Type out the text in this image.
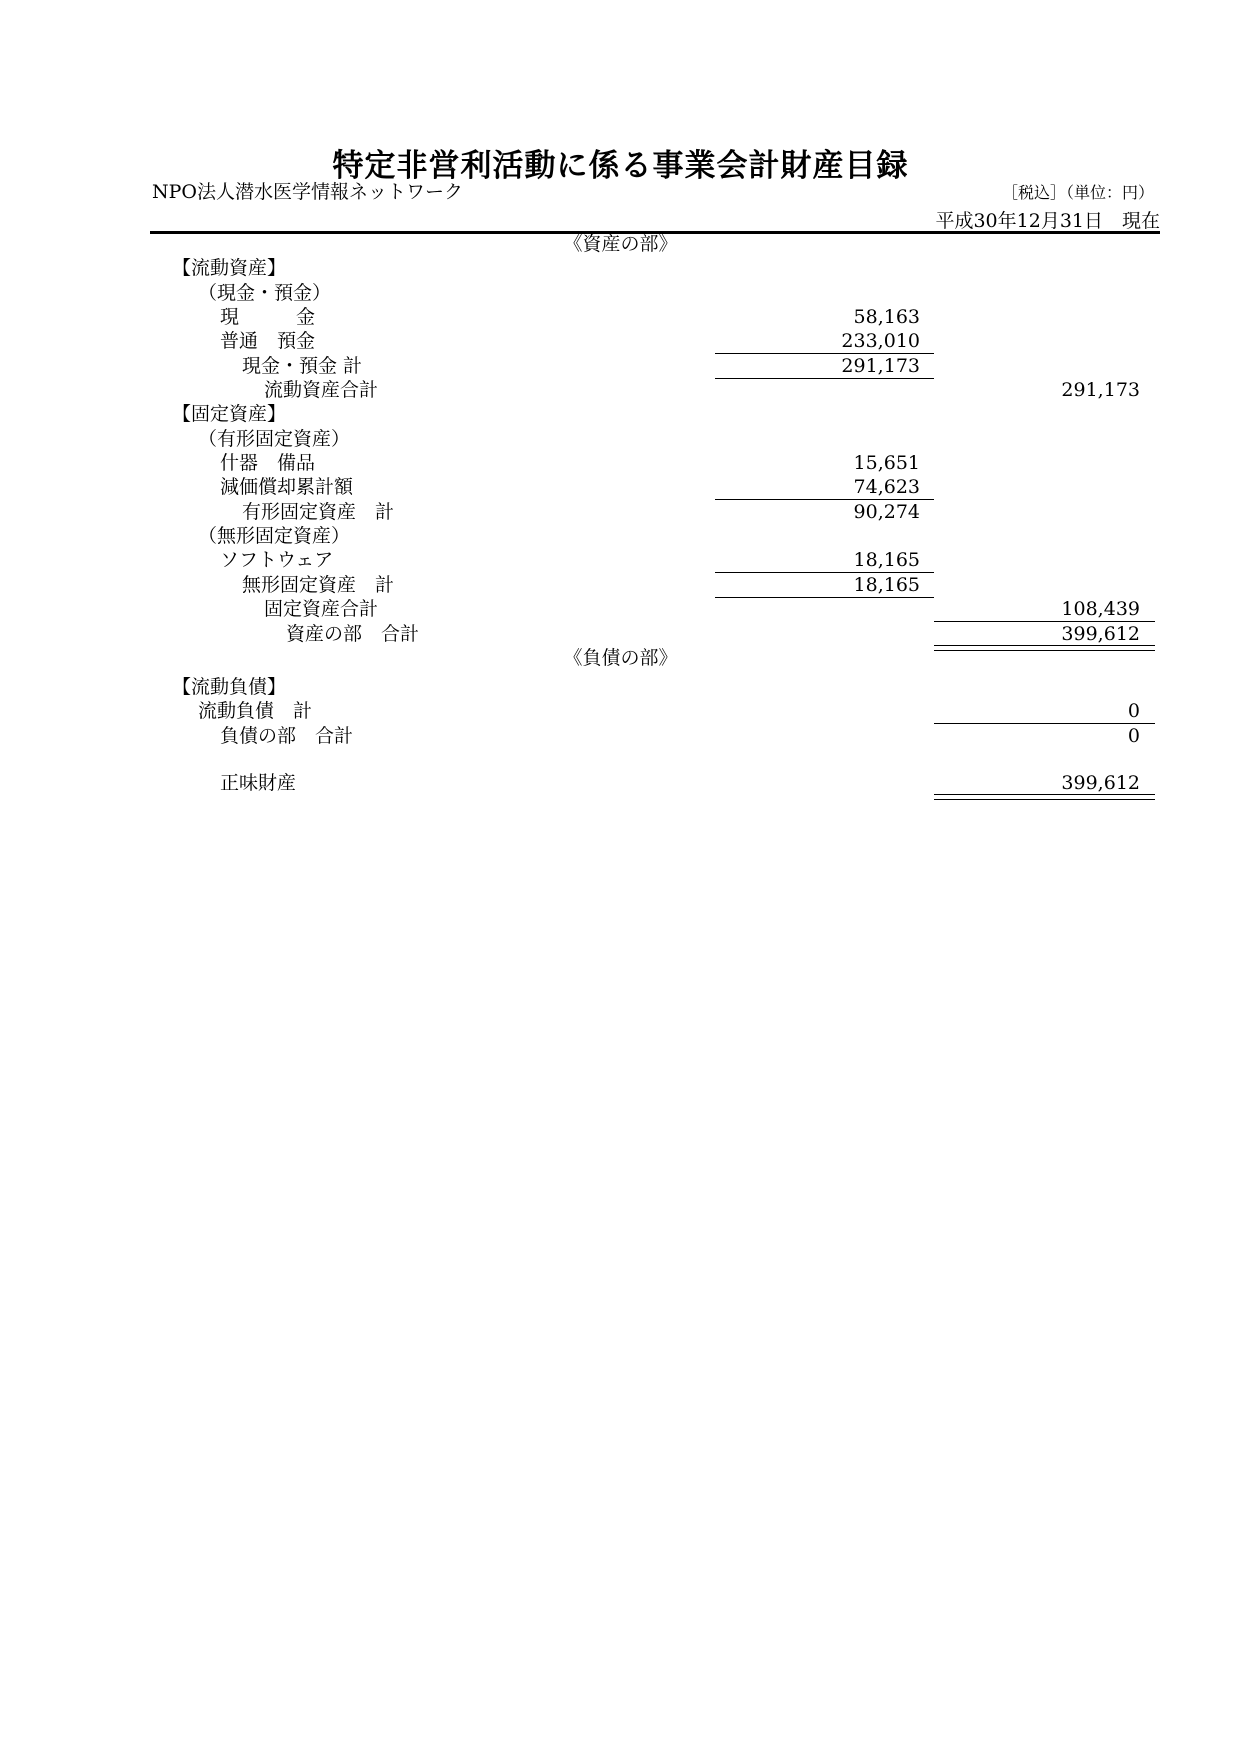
特定非営利活動に係る事業会計財産目録
NPO法人潜水医学情報ネットワーク	［税込］（単位：円）
平成30年12月31日　現在
《資産の部》
【流動資産】
（現金・預金）
現　　　金	58,163
普通　預金	233,010
現金・預金 計	291,173
流動資産合計	291,173
【固定資産】
（有形固定資産）
什器　備品	15,651
減価償却累計額	74,623
有形固定資産　計	90,274
（無形固定資産）
ソフトウェア	18,165
無形固定資産　計	18,165
固定資産合計	108,439
資産の部　合計	399,612
《負債の部》
【流動負債】
流動負債　計	0
負債の部　合計	0
正味財産	399,612
